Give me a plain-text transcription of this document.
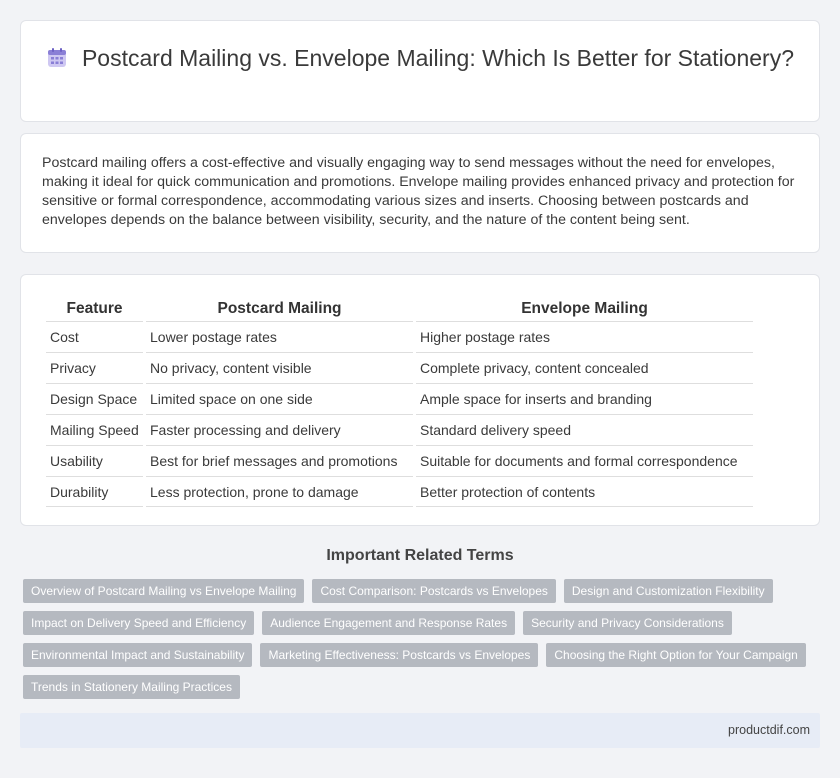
Postcard Mailing vs. Envelope Mailing: Which Is Better for Stationery?

Postcard mailing offers a cost-effective and visually engaging way to send messages without the need for envelopes, making it ideal for quick communication and promotions. Envelope mailing provides enhanced privacy and protection for sensitive or formal correspondence, accommodating various sizes and inserts. Choosing between postcards and envelopes depends on the balance between visibility, security, and the nature of the content being sent.

Feature	Postcard Mailing	Envelope Mailing
Cost	Lower postage rates	Higher postage rates
Privacy	No privacy, content visible	Complete privacy, content concealed
Design Space	Limited space on one side	Ample space for inserts and branding
Mailing Speed	Faster processing and delivery	Standard delivery speed
Usability	Best for brief messages and promotions	Suitable for documents and formal correspondence
Durability	Less protection, prone to damage	Better protection of contents
Important Related Terms
Overview of Postcard Mailing vs Envelope Mailing	Cost Comparison: Postcards vs Envelopes	Design and Customization Flexibility
Impact on Delivery Speed and Efficiency	Audience Engagement and Response Rates	Security and Privacy Considerations
Environmental Impact and Sustainability	Marketing Effectiveness: Postcards vs Envelopes	Choosing the Right Option for Your Campaign
Trends in Stationery Mailing Practices
productdif.com
